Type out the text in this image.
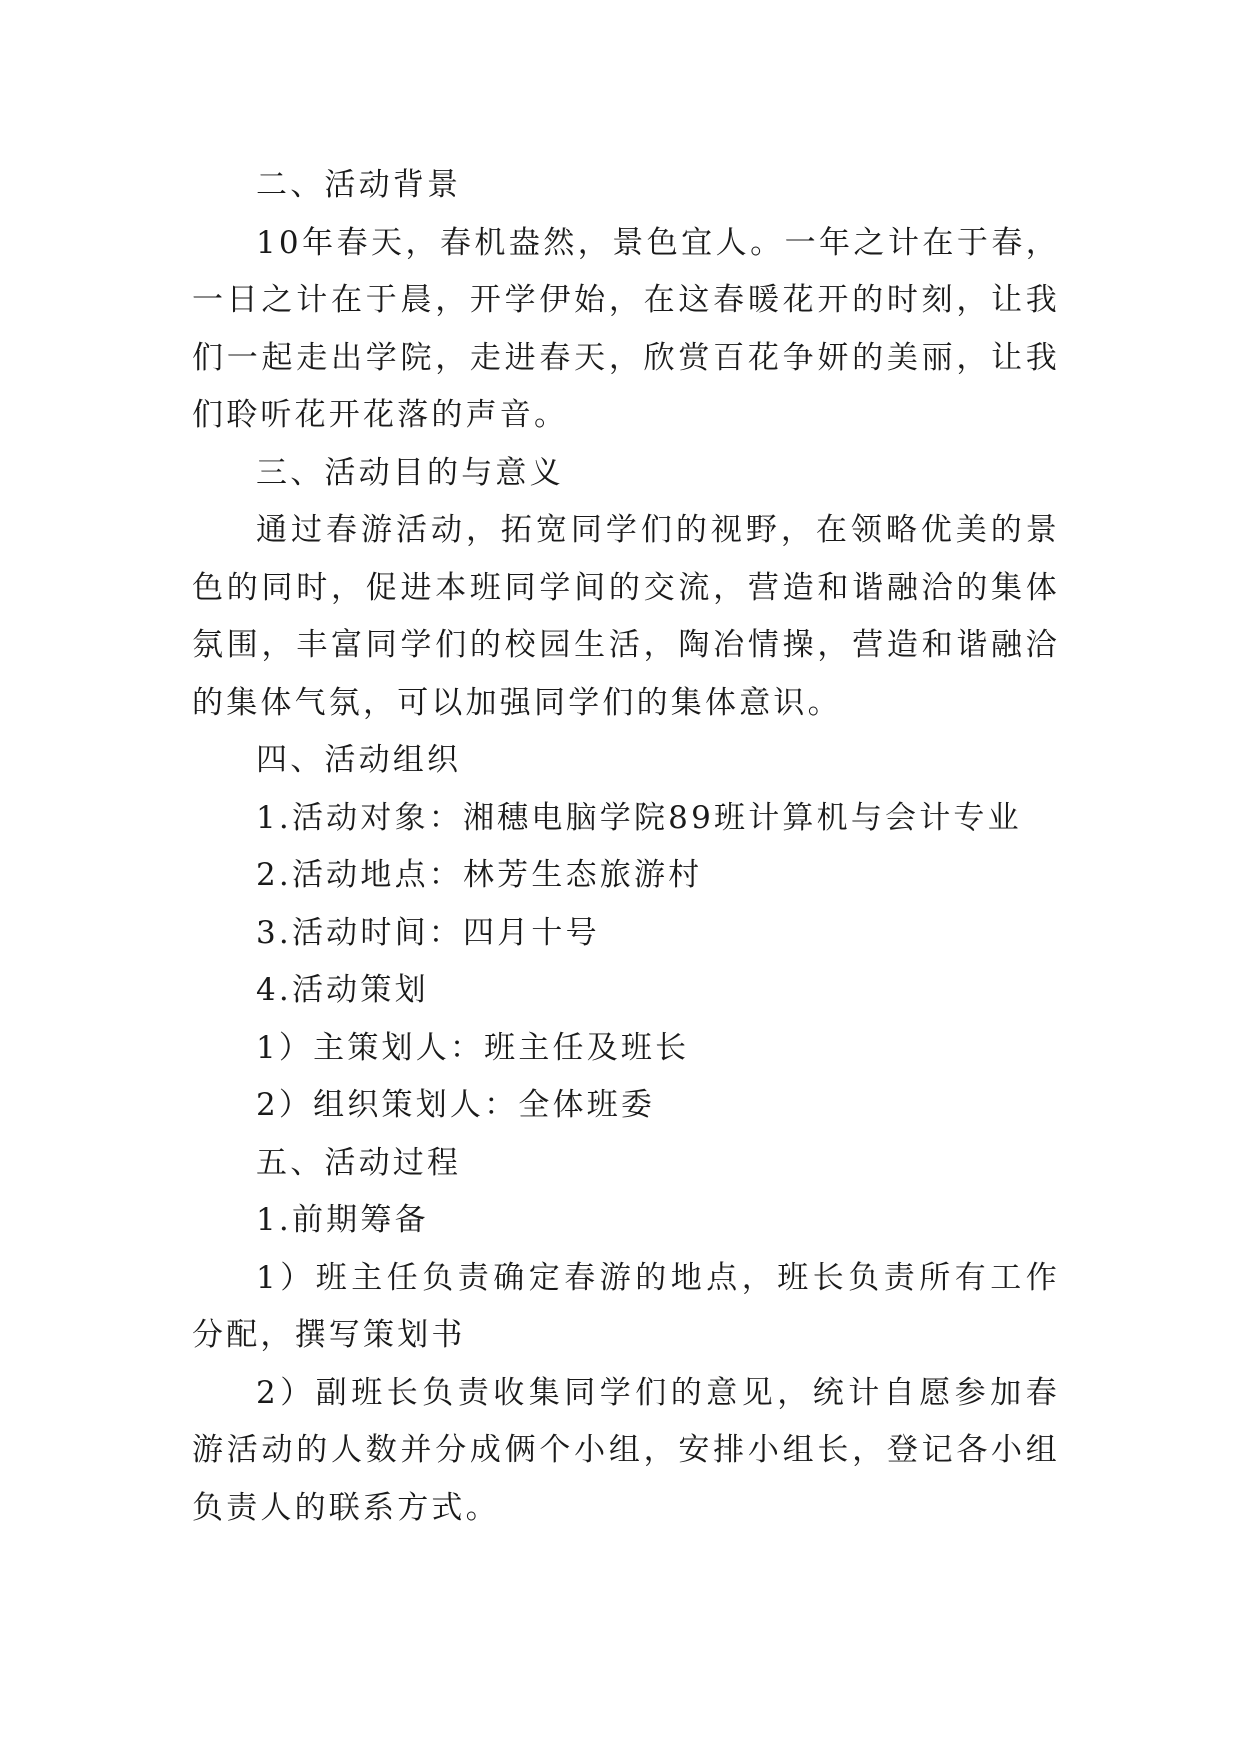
二、活动背景

10年春天，春机盎然，景色宜人。一年之计在于春，一日之计在于晨，开学伊始，在这春暖花开的时刻，让我们一起走出学院，走进春天，欣赏百花争妍的美丽，让我们聆听花开花落的声音。

三、活动目的与意义

通过春游活动，拓宽同学们的视野，在领略优美的景色的同时，促进本班同学间的交流，营造和谐融洽的集体氛围，丰富同学们的校园生活，陶冶情操，营造和谐融洽的集体气氛，可以加强同学们的集体意识。

四、活动组织

1.活动对象：湘穗电脑学院89班计算机与会计专业

2.活动地点：林芳生态旅游村

3.活动时间：四月十号

4.活动策划

1）主策划人：班主任及班长

2）组织策划人：全体班委

五、活动过程

1.前期筹备

1）班主任负责确定春游的地点，班长负责所有工作分配，撰写策划书

2）副班长负责收集同学们的意见，统计自愿参加春游活动的人数并分成俩个小组，安排小组长，登记各小组负责人的联系方式。
